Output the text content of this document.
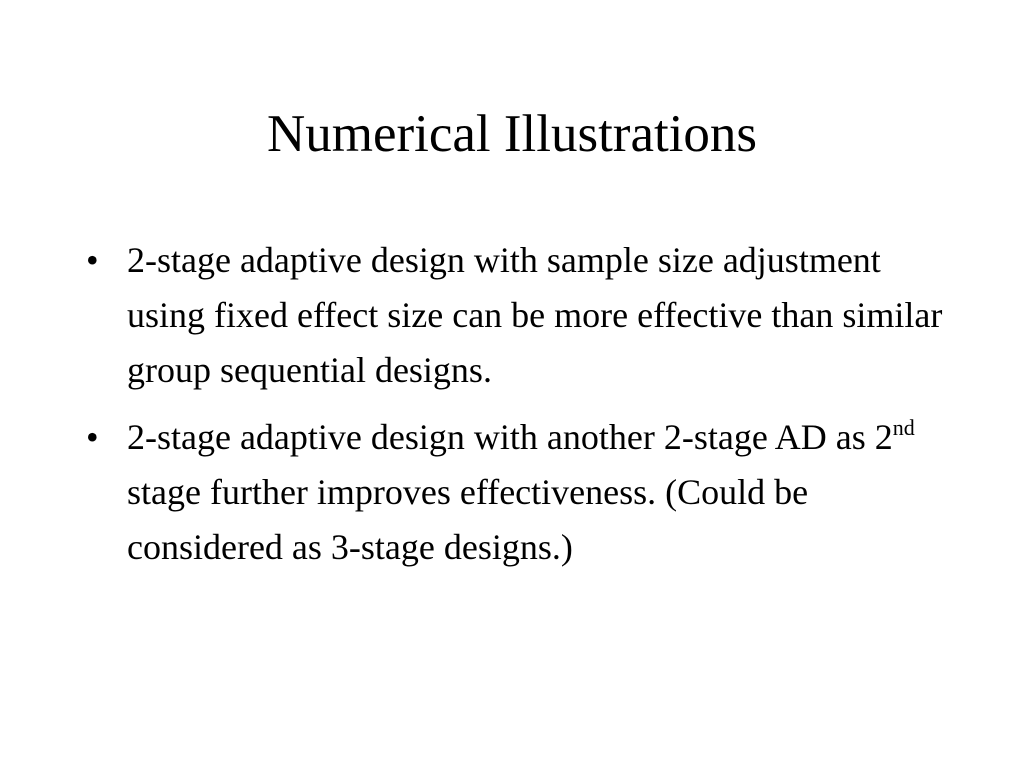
Numerical Illustrations
• 2-stage adaptive design with sample size adjustment using fixed effect size can be more effective than similar group sequential designs.
• 2-stage adaptive design with another 2-stage AD as 2nd stage further improves effectiveness. (Could be considered as 3-stage designs.)
